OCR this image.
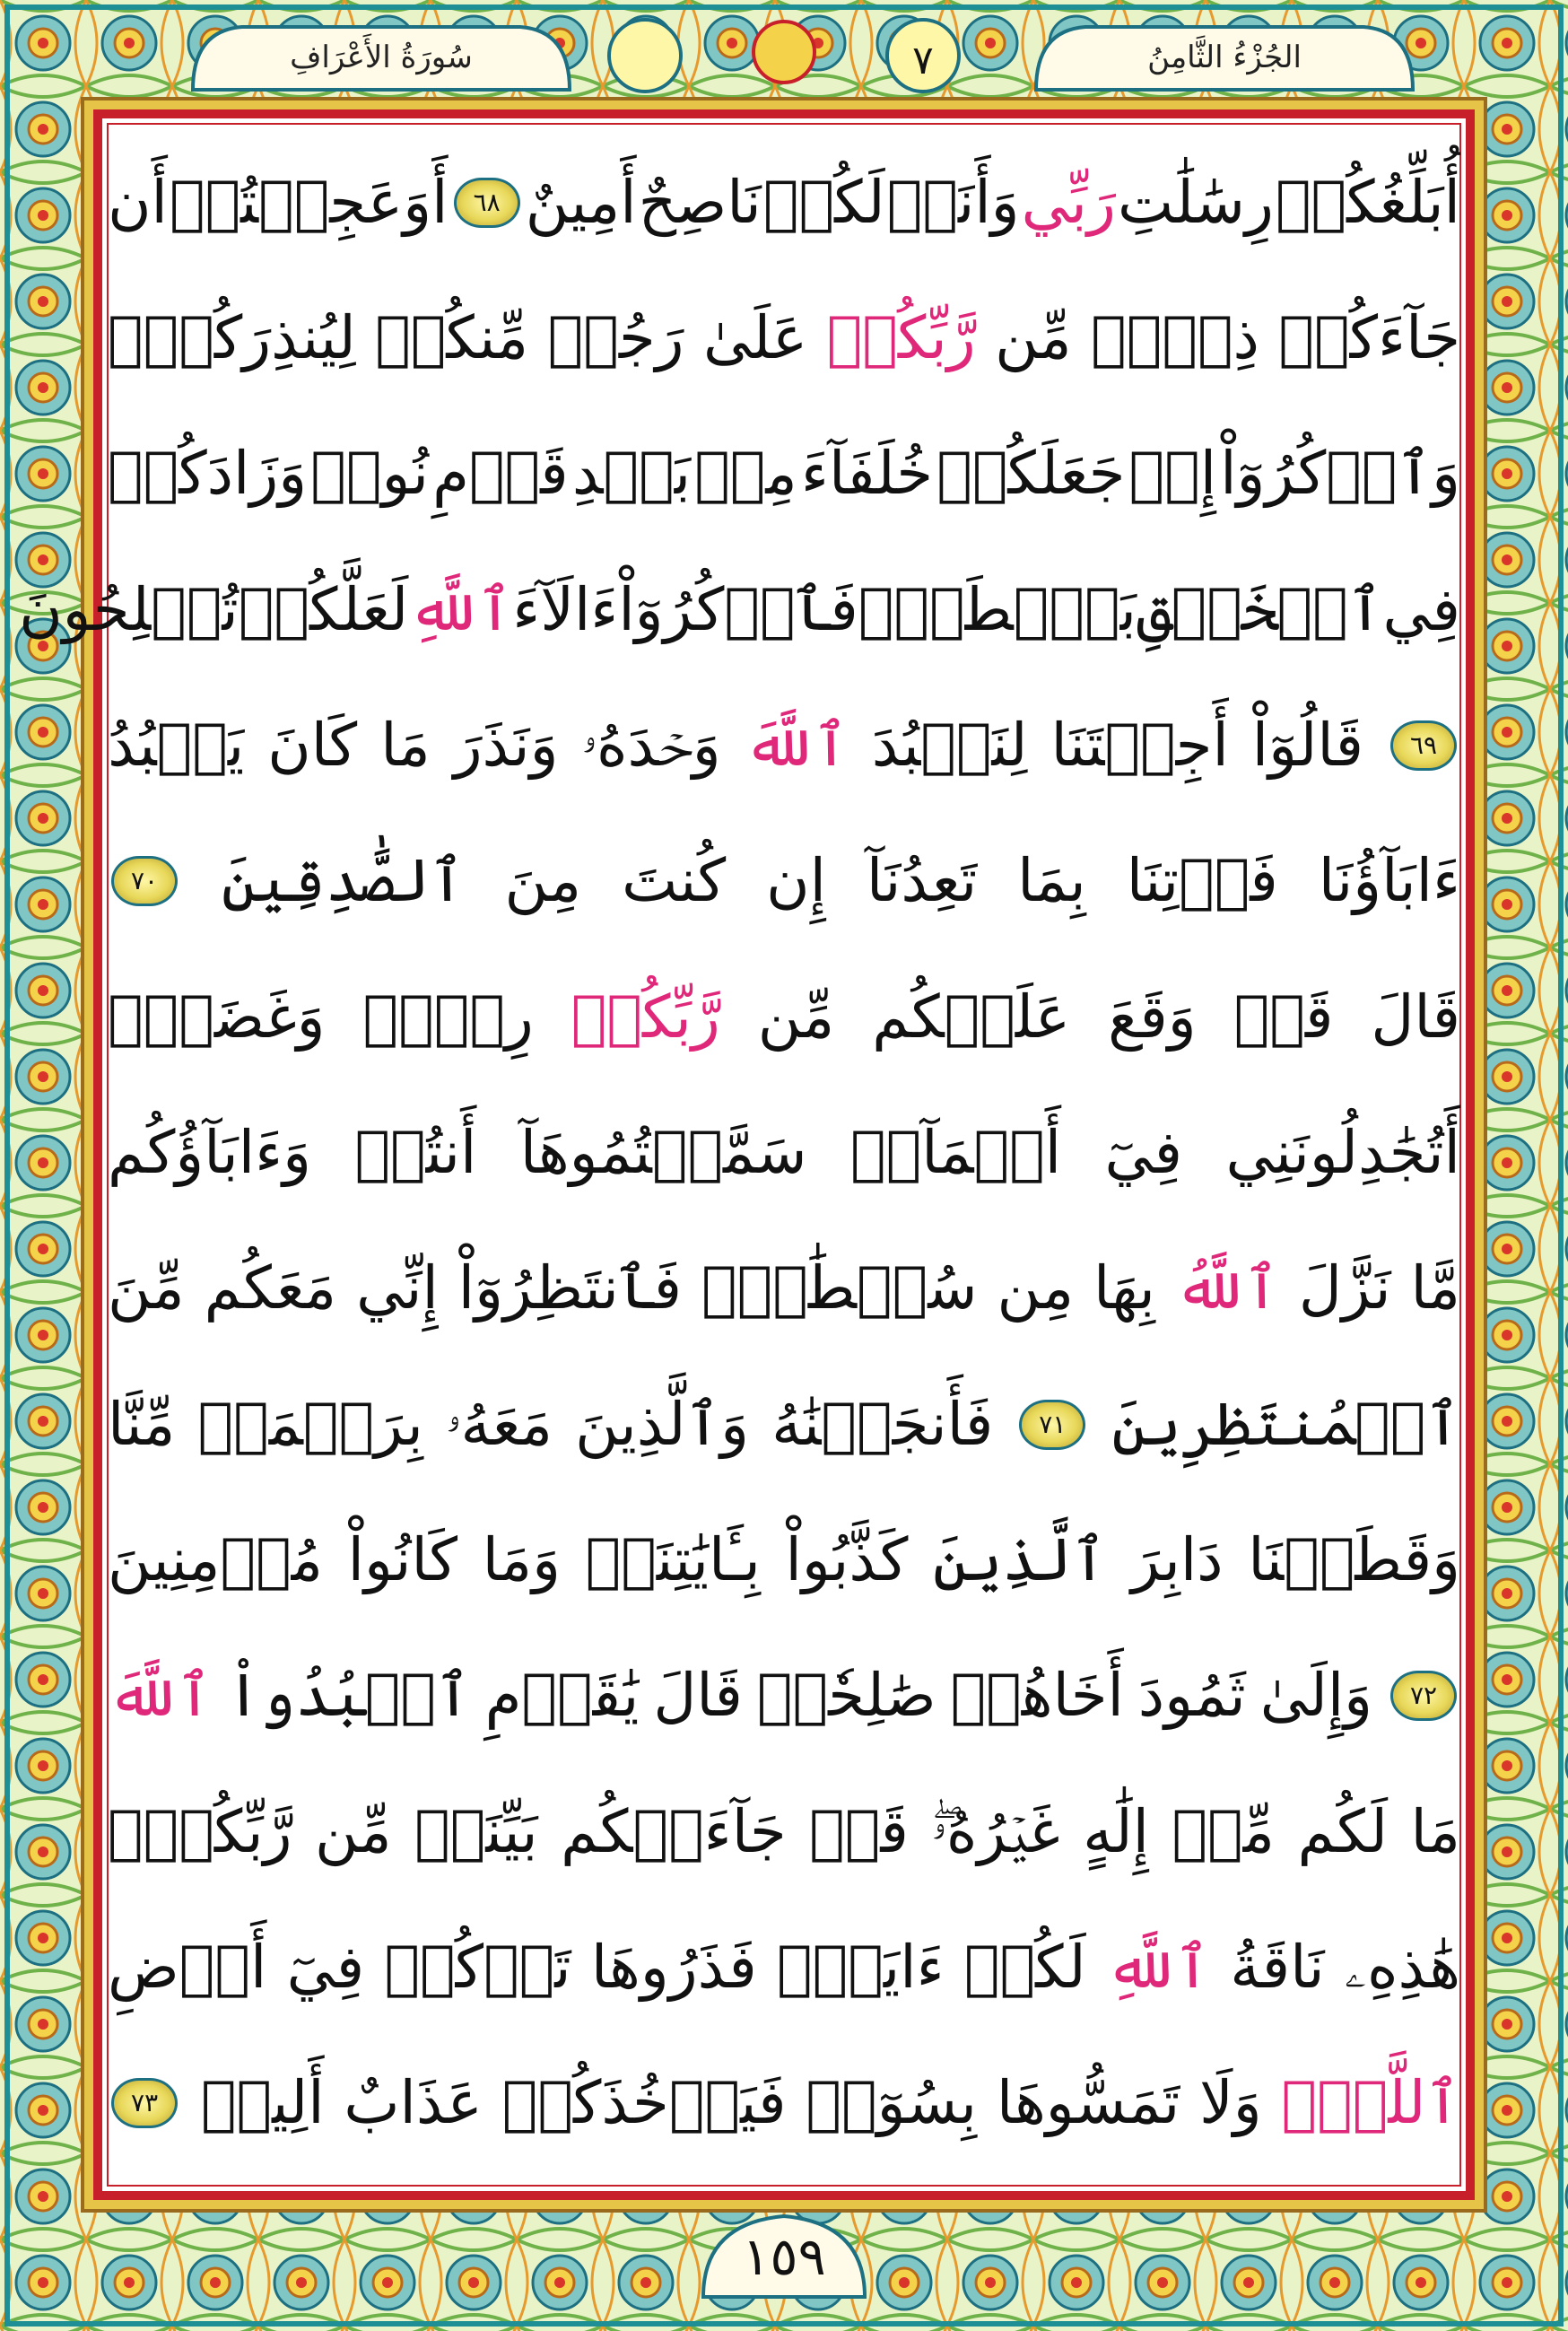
سُورَةُ الأَعْرَافِ	الجُزْءُ الثَّامِنُ
٧
أُبَلِّغُكُمۡ
رِسَٰلَٰتِ
رَبِّي
وَأَنَا۠
لَكُمۡ
نَاصِحٌ
أَمِينٌ
٦٨
أَوَعَجِبۡتُمۡ
أَن
جَآءَكُمۡ
ذِكۡرٞ
مِّن
رَّبِّكُمۡ
عَلَىٰ
رَجُلٖ
مِّنكُمۡ
لِيُنذِرَكُمۡۚ
وَٱذۡكُرُوٓاْ
إِذۡ
جَعَلَكُمۡ
خُلَفَآءَ
مِنۢ
بَعۡدِ
قَوۡمِ
نُوحٖ
وَزَادَكُمۡ
فِي
ٱلۡخَلۡقِ
بَصۜۡطَةٗۖ
فَٱذۡكُرُوٓاْ
ءَالَآءَ
ٱللَّهِ
لَعَلَّكُمۡ
تُفۡلِحُونَ
٦٩
قَالُوٓاْ
أَجِئۡتَنَا
لِنَعۡبُدَ
ٱللَّهَ
وَحۡدَهُۥ
وَنَذَرَ
مَا
كَانَ
يَعۡبُدُ
ءَابَآؤُنَا
فَأۡتِنَا
بِمَا
تَعِدُنَآ
إِن
كُنتَ
مِنَ
ٱلصَّٰدِقِينَ
٧٠
قَالَ
قَدۡ
وَقَعَ
عَلَيۡكُم
مِّن
رَّبِّكُمۡ
رِجۡسٞ
وَغَضَبٌۖ
أَتُجَٰدِلُونَنِي
فِيٓ
أَسۡمَآءٖ
سَمَّيۡتُمُوهَآ
أَنتُمۡ
وَءَابَآؤُكُم
مَّا
نَزَّلَ
ٱللَّهُ
بِهَا
مِن
سُلۡطَٰنٖۚ
فَٱنتَظِرُوٓاْ
إِنِّي
مَعَكُم
مِّنَ
ٱلۡمُنتَظِرِينَ
٧١
فَأَنجَيۡنَٰهُ
وَٱلَّذِينَ
مَعَهُۥ
بِرَحۡمَةٖ
مِّنَّا
وَقَطَعۡنَا
دَابِرَ
ٱلَّذِينَ
كَذَّبُواْ
بِـَٔايَٰتِنَاۖ
وَمَا
كَانُواْ
مُؤۡمِنِينَ
٧٢
وَإِلَىٰ
ثَمُودَ
أَخَاهُمۡ
صَٰلِحٗاۚ
قَالَ
يَٰقَوۡمِ
ٱعۡبُدُواْ
ٱللَّهَ
مَا
لَكُم
مِّنۡ
إِلَٰهٍ
غَيۡرُهُۥۖ
قَدۡ
جَآءَتۡكُم
بَيِّنَةٞ
مِّن
رَّبِّكُمۡۖ
هَٰذِهِۦ
نَاقَةُ
ٱللَّهِ
لَكُمۡ
ءَايَةٗۖ
فَذَرُوهَا
تَأۡكُلۡ
فِيٓ
أَرۡضِ
ٱللَّهِۖ
وَلَا
تَمَسُّوهَا
بِسُوٓءٖ
فَيَأۡخُذَكُمۡ
عَذَابٌ
أَلِيمٞ
٧٣
١٥٩
